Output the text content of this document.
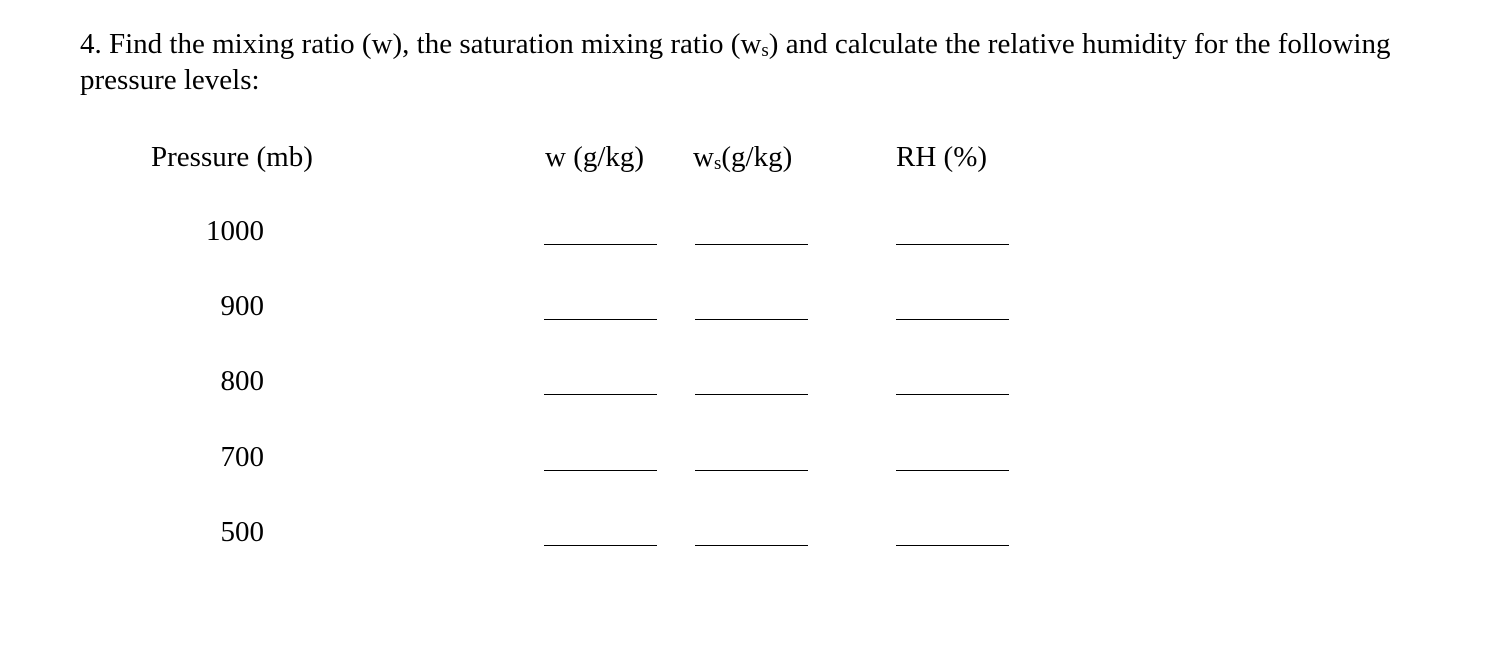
4. Find the mixing ratio (w), the saturation mixing ratio $(w_s)$ and calculate the relative humidity for the following pressure levels:

Pressure (mb)	w (g/kg) $w_s(g/kg)$	RH (%)
1000
900
800
700
500
